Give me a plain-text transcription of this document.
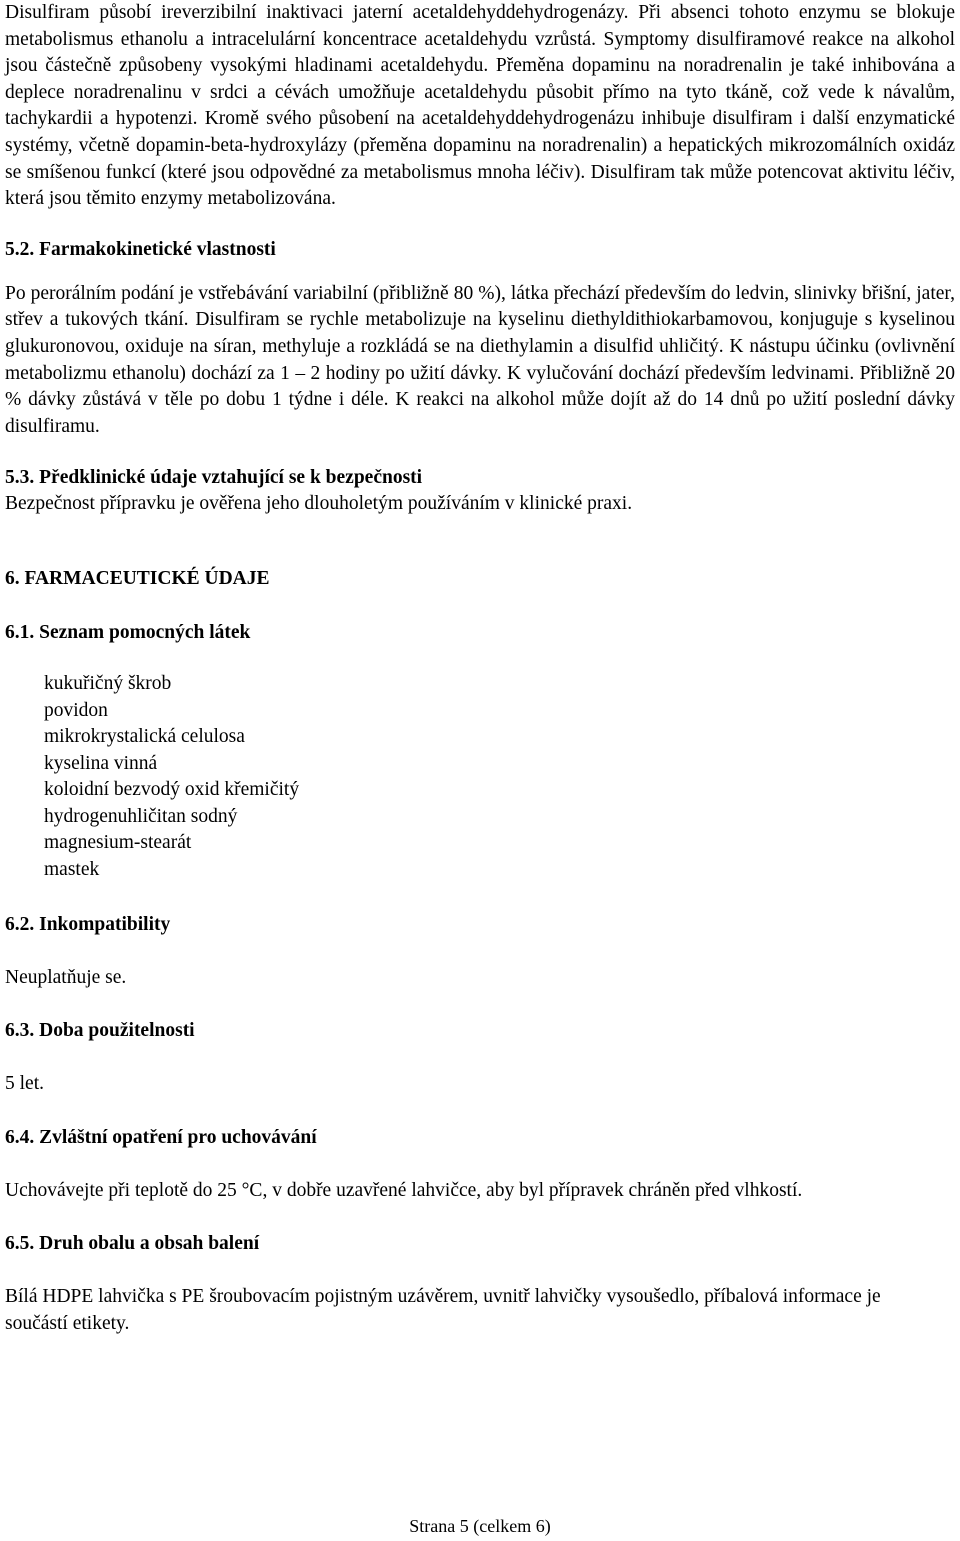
Disulfiram působí ireverzibilní inaktivaci jaterní acetaldehyddehydrogenázy. Při absenci tohoto enzymu se blokuje metabolismus ethanolu a intracelulární koncentrace acetaldehydu vzrůstá. Symptomy disulfiramové reakce na alkohol jsou částečně způsobeny vysokými hladinami acetaldehydu. Přeměna dopaminu na noradrenalin je také inhibována a deplece noradrenalinu v srdci a cévách umožňuje acetaldehydu působit přímo na tyto tkáně, což vede k návalům, tachykardii a hypotenzi. Kromě svého působení na acetaldehyddehydrogenázu inhibuje disulfiram i další enzymatické systémy, včetně dopamin-beta-hydroxylázy (přeměna dopaminu na noradrenalin) a hepatických mikrozomálních oxidáz se smíšenou funkcí (které jsou odpovědné za metabolismus mnoha léčiv). Disulfiram tak může potencovat aktivitu léčiv, která jsou těmito enzymy metabolizována.

5.2. Farmakokinetické vlastnosti

Po perorálním podání je vstřebávání variabilní (přibližně 80 %), látka přechází především do ledvin, slinivky břišní, jater, střev a tukových tkání. Disulfiram se rychle metabolizuje na kyselinu diethyldithiokarbamovou, konjuguje s kyselinou glukuronovou, oxiduje na síran, methyluje a rozkládá se na diethylamin a disulfid uhličitý. K nástupu účinku (ovlivnění metabolizmu ethanolu) dochází za 1 – 2 hodiny po užití dávky. K vylučování dochází především ledvinami. Přibližně 20 % dávky zůstává v těle po dobu 1 týdne i déle. K reakci na alkohol může dojít až do 14 dnů po užití poslední dávky disulfiramu.

5.3. Předklinické údaje vztahující se k bezpečnosti

Bezpečnost přípravku je ověřena jeho dlouholetým používáním v klinické praxi.

6. FARMACEUTICKÉ ÚDAJE

6.1. Seznam pomocných látek

kukuřičný škrob
povidon
mikrokrystalická celulosa
kyselina vinná
koloidní bezvodý oxid křemičitý
hydrogenuhličitan sodný
magnesium-stearát
mastek

6.2. Inkompatibility

Neuplatňuje se.

6.3. Doba použitelnosti

5 let.

6.4. Zvláštní opatření pro uchovávání

Uchovávejte při teplotě do 25 °C, v dobře uzavřené lahvičce, aby byl přípravek chráněn před vlhkostí.

6.5. Druh obalu a obsah balení

Bílá HDPE lahvička s PE šroubovacím pojistným uzávěrem, uvnitř lahvičky vysoušedlo, příbalová informace je součástí etikety.

Strana 5 (celkem 6)
